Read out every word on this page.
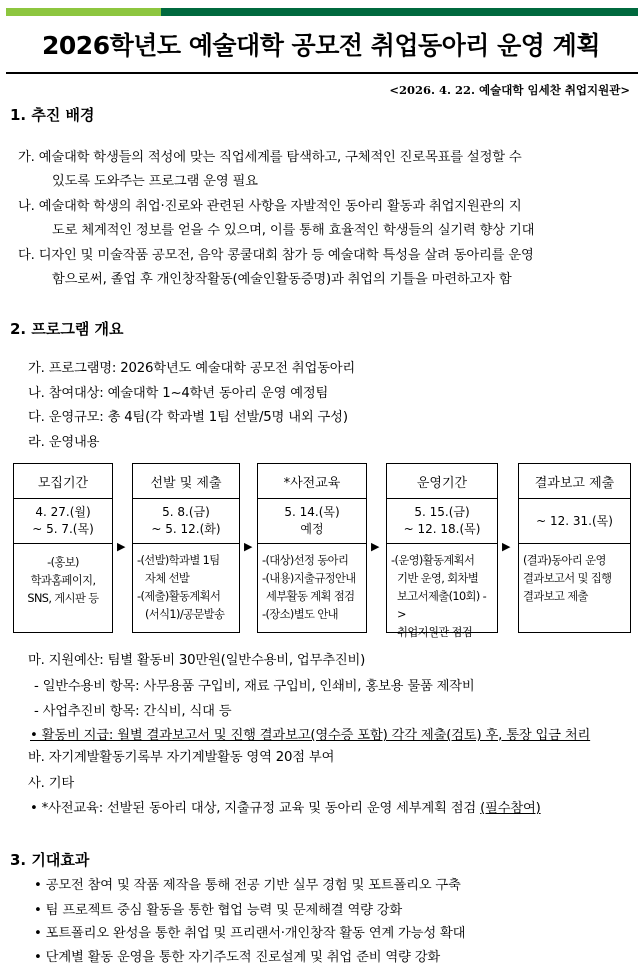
2026학년도 예술대학 공모전 취업동아리 운영 계획
<2026. 4. 22. 예술대학 임세찬 취업지원관>
1. 추진 배경
가. 예술대학 학생들의 적성에 맞는 직업세계를 탐색하고, 구체적인 진로목표를 설정할 수
있도록 도와주는 프로그램 운영 필요
나. 예술대학 학생의 취업·진로와 관련된 사항을 자발적인 동아리 활동과 취업지원관의 지
도로 체계적인 정보를 얻을 수 있으며, 이를 통해 효율적인 학생들의 실기력 향상 기대
다. 디자인 및 미술작품 공모전, 음악 콩쿨대회 참가 등 예술대학 특성을 살려 동아리를 운영
함으로써, 졸업 후 개인창작활동(예술인활동증명)과 취업의 기틀을 마련하고자 함
2. 프로그램 개요
가. 프로그램명: 2026학년도 예술대학 공모전 취업동아리
나. 참여대상: 예술대학 1~4학년 동아리 운영 예정팀
다. 운영규모: 총 4팀(각 학과별 1팀 선발/5명 내외 구성)
라. 운영내용
모집기간
4. 27.(월)
~ 5. 7.(목)
-(홍보)
학과홈페이지,
SNS, 게시판 등
▶
선발 및 제출
5. 8.(금)
~ 5. 12.(화)
-(선발)학과별 1팀
자체 선발
-(제출)활동계획서
(서식1)/공문발송
▶
*사전교육
5. 14.(목)
예정
-(대상)선정 동아리
-(내용)지출규정안내
세부활동 계획 점검
-(장소)별도 안내
▶
운영기간
5. 15.(금)
~ 12. 18.(목)
-(운영)활동계획서
기반 운영, 회차별
보고서제출(10회) ->
취업지원관 점검
▶
결과보고 제출
~ 12. 31.(목)
(결과)동아리 운영
결과보고서 및 집행
결과보고 제출
마. 지원예산: 팀별 활동비 30만원(일반수용비, 업무추진비)
- 일반수용비 항목: 사무용품 구입비, 재료 구입비, 인쇄비, 홍보용 물품 제작비
- 사업추진비 항목: 간식비, 식대 등
• 활동비 지급: 월별 결과보고서 및 진행 결과보고(영수증 포함) 각각 제출(검토) 후, 통장 입금 처리
바. 자기계발활동기록부 자기계발활동 영역 20점 부여
사. 기타
• *사전교육: 선발된 동아리 대상, 지출규정 교육 및 동아리 운영 세부계획 점검 (필수참여)
3. 기대효과
• 공모전 참여 및 작품 제작을 통해 전공 기반 실무 경험 및 포트폴리오 구축
• 팀 프로젝트 중심 활동을 통한 협업 능력 및 문제해결 역량 강화
• 포트폴리오 완성을 통한 취업 및 프리랜서·개인창작 활동 연계 가능성 확대
• 단계별 활동 운영을 통한 자기주도적 진로설계 및 취업 준비 역량 강화
